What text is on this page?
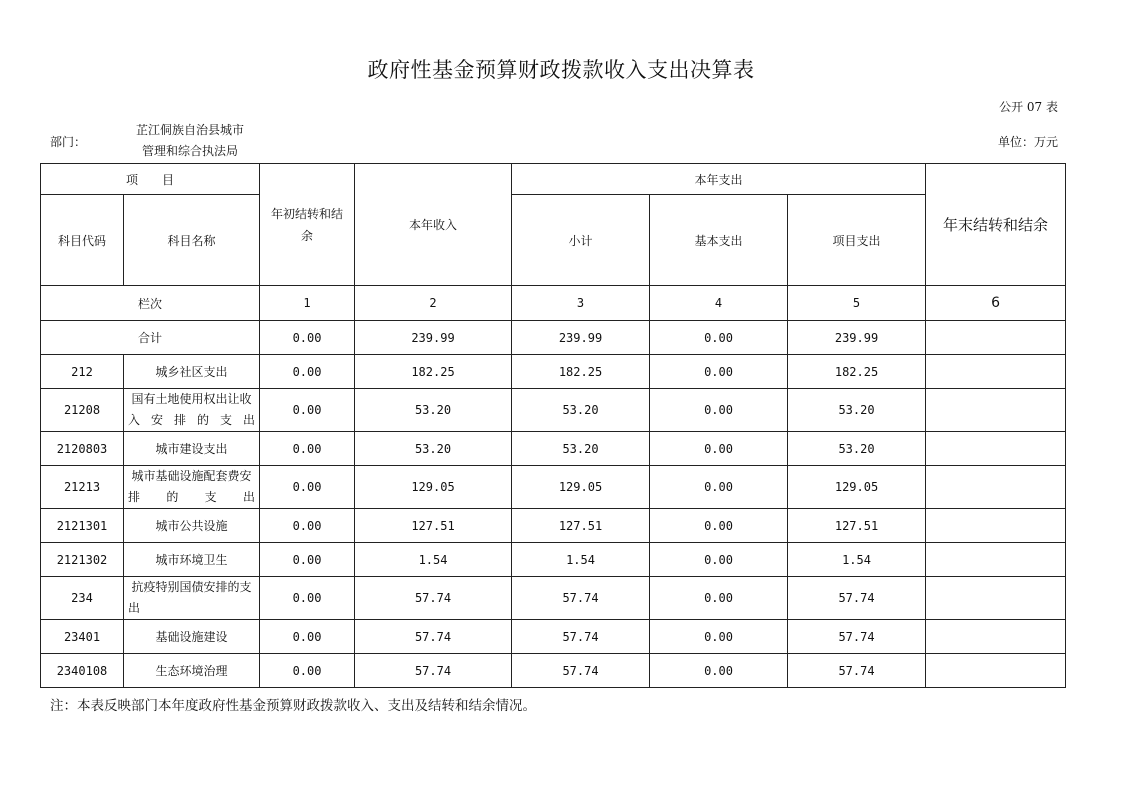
政府性基金预算财政拨款收入支出决算表
公开 07 表
部门：
芷江侗族自治县城市
管理和综合执法局
单位：万元
项　　目		年初结转和结余	本年收入	本年支出			年末结转和结余
科目代码	科目名称			小计	基本支出	项目支出	
栏次		1	2	3	4	5	6
合计		0.00	239.99	239.99	0.00	239.99	
212	城乡社区支出	0.00	182.25	182.25	0.00	182.25	
21208	国有土地使用权出让收入安排的支出	0.00	53.20	53.20	0.00	53.20	
2120803	城市建设支出	0.00	53.20	53.20	0.00	53.20	
21213	城市基础设施配套费安排的支出	0.00	129.05	129.05	0.00	129.05	
2121301	城市公共设施	0.00	127.51	127.51	0.00	127.51	
2121302	城市环境卫生	0.00	1.54	1.54	0.00	1.54	
234	抗疫特别国债安排的支出	0.00	57.74	57.74	0.00	57.74	
23401	基础设施建设	0.00	57.74	57.74	0.00	57.74	
2340108	生态环境治理	0.00	57.74	57.74	0.00	57.74	
注：本表反映部门本年度政府性基金预算财政拨款收入、支出及结转和结余情况。
